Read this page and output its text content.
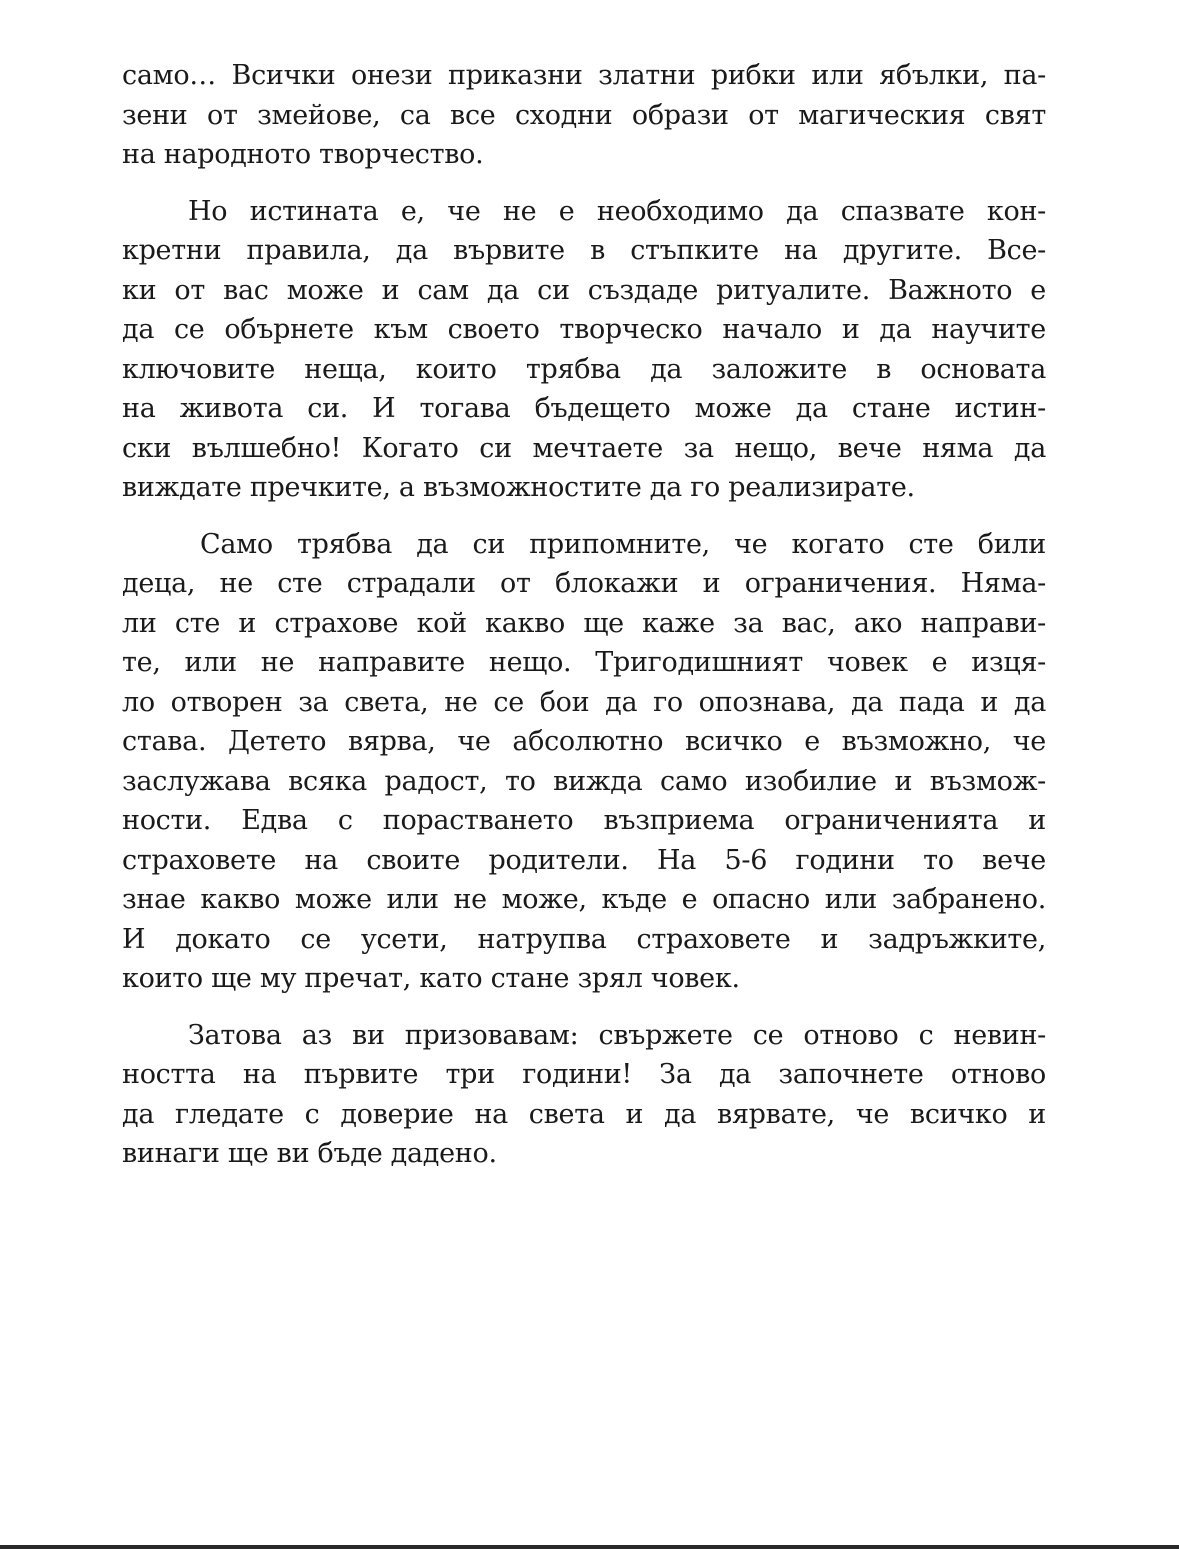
само… Всички онези приказни златни рибки или ябълки, па-
зени от змейове, са все сходни образи от магическия свят
на народното творчество.

Но истината е, че не е необходимо да спазвате кон-
кретни правила, да вървите в стъпките на другите. Все-
ки от вас може и сам да си създаде ритуалите. Важното е
да се обърнете към своето творческо начало и да научите
ключовите неща, които трябва да заложите в основата
на живота си. И тогава бъдещето може да стане истин-
ски вълшебно! Когато си мечтаете за нещо, вече няма да
виждате пречките, а възможностите да го реализирате.

Само трябва да си припомните, че когато сте били
деца, не сте страдали от блокажи и ограничения. Няма-
ли сте и страхове кой какво ще каже за вас, ако направи-
те, или не направите нещо. Тригодишният човек е изця-
ло отворен за света, не се бои да го опознава, да пада и да
става. Детето вярва, че абсолютно всичко е възможно, че
заслужава всяка радост, то вижда само изобилие и възмож-
ности. Едва с порастването възприема ограниченията и
страховете на своите родители. На 5-6 години то вече
знае какво може или не може, къде е опасно или забранено.
И докато се усети, натрупва страховете и задръжките,
които ще му пречат, като стане зрял човек.

Затова аз ви призовавам: свържете се отново с невин-
ността на първите три години! За да започнете отново
да гледате с доверие на света и да вярвате, че всичко и
винаги ще ви бъде дадено.
